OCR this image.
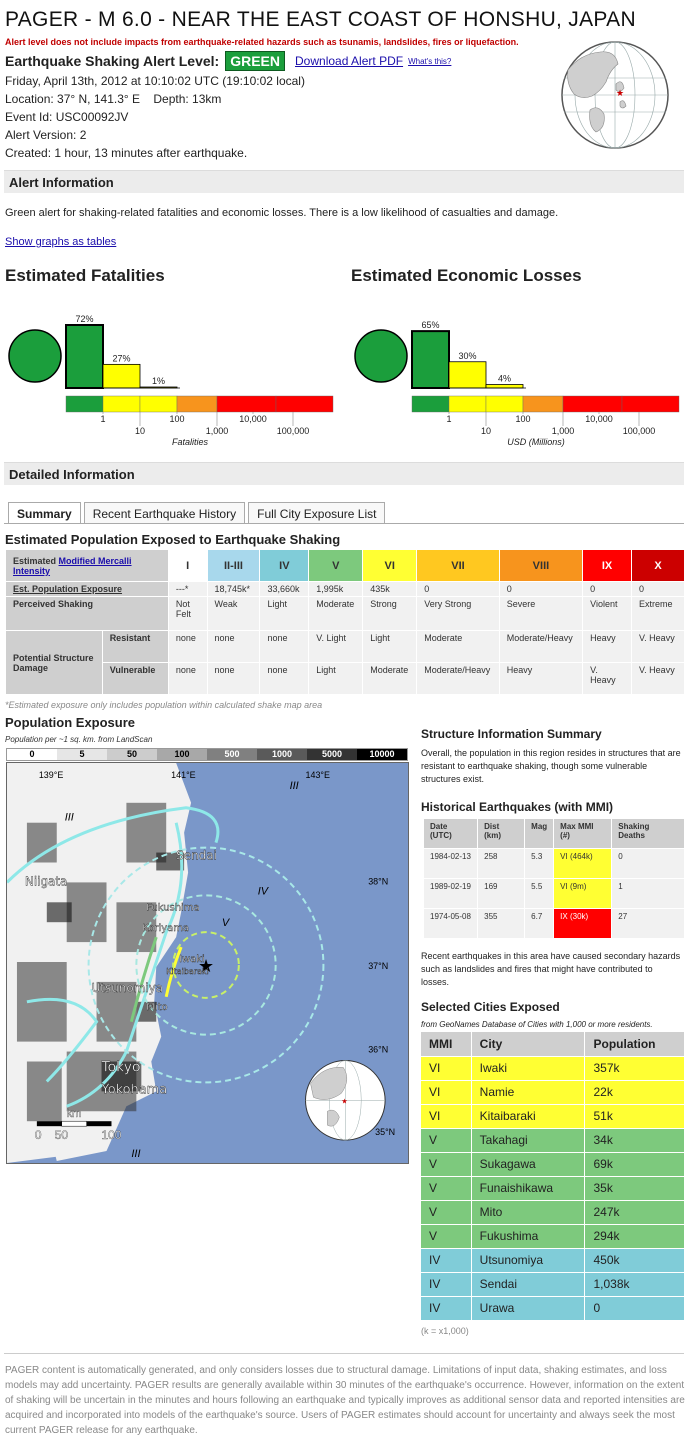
PAGER - M 6.0 - NEAR THE EAST COAST OF HONSHU, JAPAN
Alert level does not include impacts from earthquake-related hazards such as tsunamis, landslides, fires or liquefaction.
Earthquake Shaking Alert Level: GREEN	Download Alert PDF What's this?
Friday, April 13th, 2012 at 10:10:02 UTC (19:10:02 local)
Location: 37° N, 141.3° E    Depth: 13km
Event Id: USC00092JV
Alert Version: 2
Created: 1 hour, 13 minutes after earthquake.
★
Alert Information
Green alert for shaking-related fatalities and economic losses. There is a low likelihood of casualties and damage.
Show graphs as tables
Estimated Fatalities	Estimated Economic Losses
72%
27%
1%
1
10
100
1,000
10,000
100,000
Fatalities
65%
30%
4%
1
10
100
1,000
10,000
100,000
USD (Millions)
Detailed Information
Summary	Recent Earthquake History	Full City Exposure List
Estimated Population Exposed to Earthquake Shaking
Estimated Modified Mercalli Intensity		I	II-III	IV	V	VI	VII	VIII	IX	X
Est. Population Exposure		---*	18,745k*	33,660k	1,995k	435k	0	0	0	0
Perceived Shaking		Not Felt	Weak	Light	Moderate	Strong	Very Strong	Severe	Violent	Extreme
Potential Structure Damage	Resistant	none	none	none	V. Light	Light	Moderate	Moderate/Heavy	Heavy	V. Heavy
	Vulnerable	none	none	none	Light	Moderate	Moderate/Heavy	Heavy	V. Heavy	V. Heavy
*Estimated exposure only includes population within calculated shake map area
Population Exposure
Population per ~1 sq. km. from LandScan
0	5	50	100	500	1000	5000	10000
★
139°E	141°E	143°E
38°N
37°N
36°N
35°N
III
III
IV
V
III
Sendai
Niigata
Fukushima
Koriyama
Iwaki
Kitaibaraki
Utsunomiya
Mito
Tokyo
Yokohama
km
0 50	100
★
Structure Information Summary
Overall, the population in this region resides in structures that are resistant to earthquake shaking, though some vulnerable structures exist.
Historical Earthquakes (with MMI)
Date (UTC)	Dist (km)	Mag	Max MMI (#)	Shaking Deaths
1984-02-13	258	5.3	VI (464k)	0
1989-02-19	169	5.5	VI (9m)	1
1974-05-08	355	6.7	IX (30k)	27
Recent earthquakes in this area have caused secondary hazards such as landslides and fires that might have contributed to losses.
Selected Cities Exposed
from GeoNames Database of Cities with 1,000 or more residents.
MMI	City	Population
VI	Iwaki	357k
VI	Namie	22k
VI	Kitaibaraki	51k
V	Takahagi	34k
V	Sukagawa	69k
V	Funaishikawa	35k
V	Mito	247k
V	Fukushima	294k
IV	Utsunomiya	450k
IV	Sendai	1,038k
IV	Urawa	0
(k = x1,000)
PAGER content is automatically generated, and only considers losses due to structural damage. Limitations of input data, shaking estimates, and loss models may add uncertainty. PAGER results are generally available within 30 minutes of the earthquake's occurrence. However, information on the extent of shaking will be uncertain in the minutes and hours following an earthquake and typically improves as additional sensor data and reported intensities are acquired and incorporated into models of the earthquake's source. Users of PAGER estimates should account for uncertainty and always seek the most current PAGER release for any earthquake.
